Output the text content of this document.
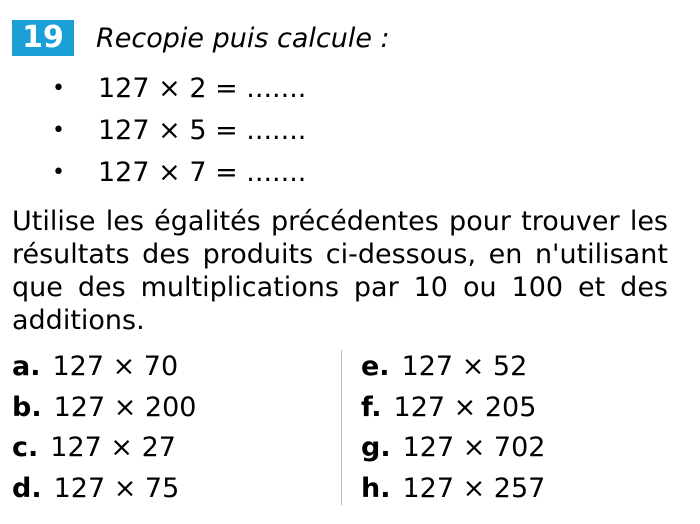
19	Recopie puis calcule :
•	127 × 2 = .......
•	127 × 5 = .......
•	127 × 7 = .......

Utilise les égalités précédentes pour trouver les résultats des produits ci-dessous, en n'utilisant que des multiplications par 10 ou 100 et des additions.

a. 127 × 70
b. 127 × 200
c. 127 × 27
d. 127 × 75
e. 127 × 52
f. 127 × 205
g. 127 × 702
h. 127 × 257
